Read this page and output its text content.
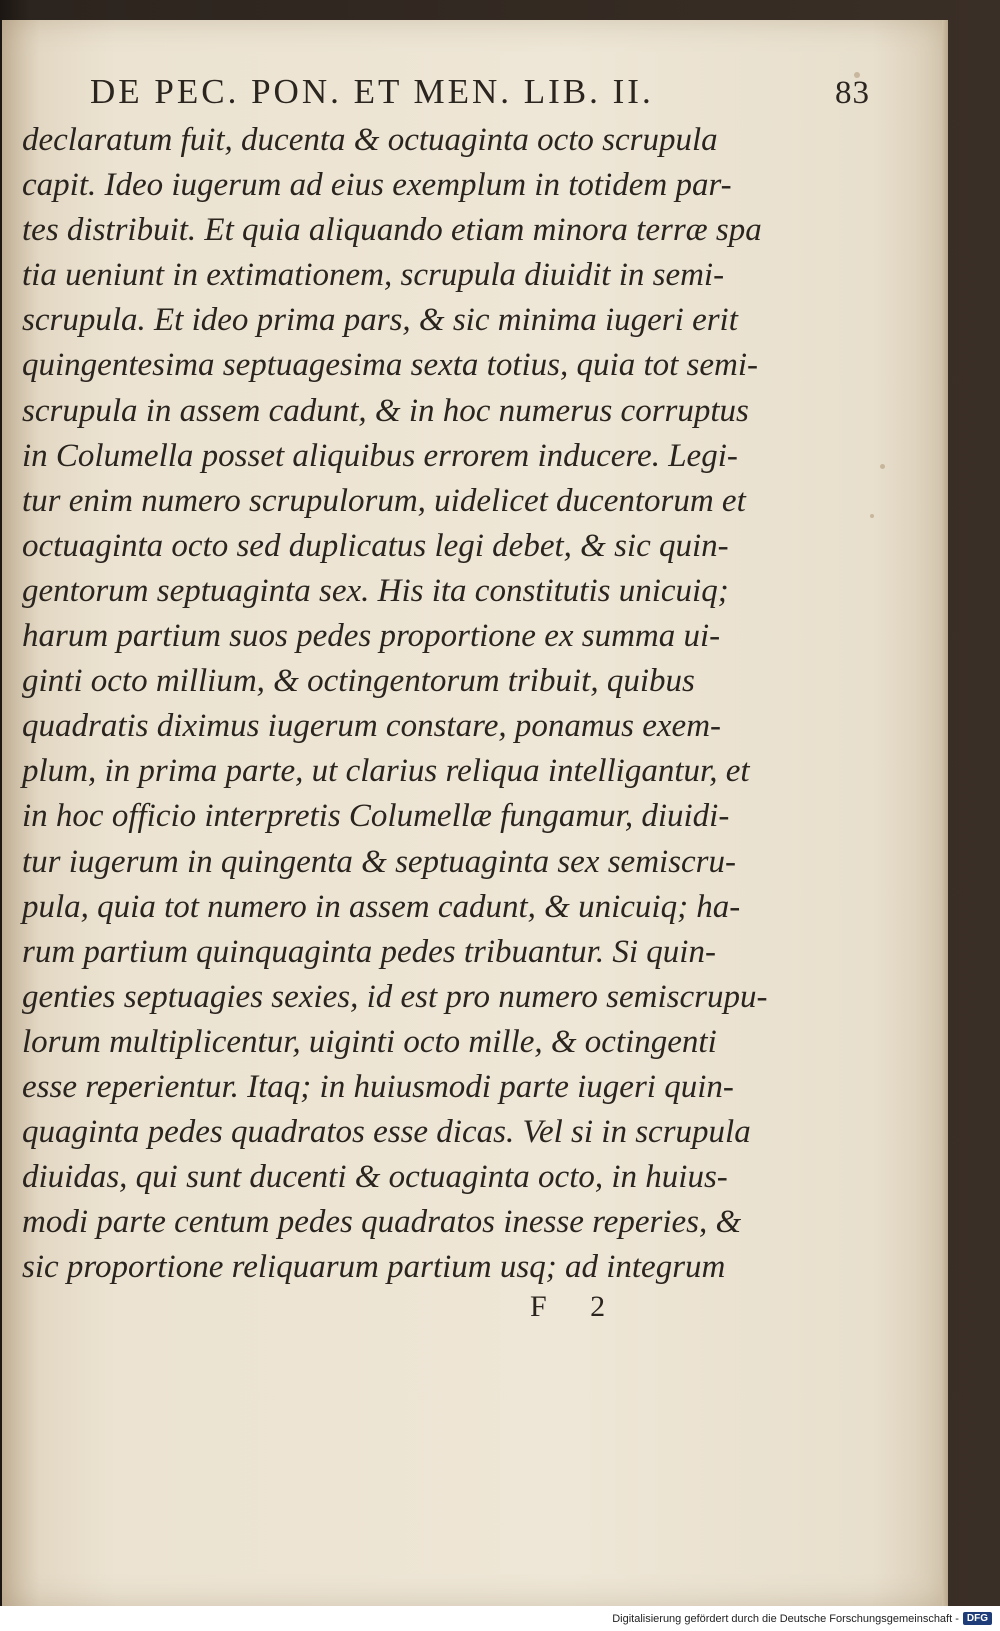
DE PEC. PON. ET MEN. LIB. II.	83
declaratum fuit, ducenta & octuaginta octo scrupula
capit. Ideo iugerum ad eius exemplum in totidem par-
tes distribuit. Et quia aliquando etiam minora terræ spa
tia ueniunt in extimationem, scrupula diuidit in semi-
scrupula. Et ideo prima pars, & sic minima iugeri erit
quingentesima septuagesima sexta totius, quia tot semi-
scrupula in assem cadunt, & in hoc numerus corruptus
in Columella posset aliquibus errorem inducere. Legi-
tur enim numero scrupulorum, uidelicet ducentorum et
octuaginta octo sed duplicatus legi debet, & sic quin-
gentorum septuaginta sex. His ita constitutis unicuiq;
harum partium suos pedes proportione ex summa ui-
ginti octo millium, & octingentorum tribuit, quibus
quadratis diximus iugerum constare, ponamus exem-
plum, in prima parte, ut clarius reliqua intelligantur, et
in hoc officio interpretis Columellæ fungamur, diuidi-
tur iugerum in quingenta & septuaginta sex semiscru-
pula, quia tot numero in assem cadunt, & unicuiq; ha-
rum partium quinquaginta pedes tribuantur. Si quin-
genties septuagies sexies, id est pro numero semiscrupu-
lorum multiplicentur, uiginti octo mille, & octingenti
esse reperientur. Itaq; in huiusmodi parte iugeri quin-
quaginta pedes quadratos esse dicas. Vel si in scrupula
diuidas, qui sunt ducenti & octuaginta octo, in huius-
modi parte centum pedes quadratos inesse reperies, &
sic proportione reliquarum partium usq; ad integrum
F 2
Digitalisierung gefördert durch die Deutsche Forschungsgemeinschaft - DFG
